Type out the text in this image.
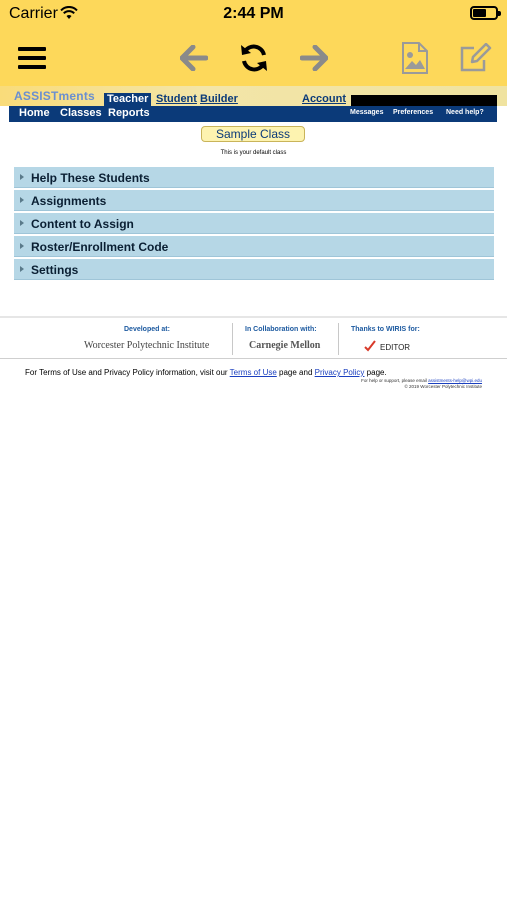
Carrier	2:44 PM
ASSISTments Teacher Student Builder	Account
Home Classes Reports	Messages Preferences Need help?
Sample Class
This is your default class
Help These Students
Assignments
Content to Assign
Roster/Enrollment Code
Settings
Developed at:
Worcester Polytechnic Institute
In Collaboration with:
Carnegie Mellon
Thanks to WIRIS for:
EDITOR
For Terms of Use and Privacy Policy information, visit our Terms of Use page and Privacy Policy page.
For help or support, please email assistments-help@wpi.edu
© 2019 Worcester Polytechnic Institute
